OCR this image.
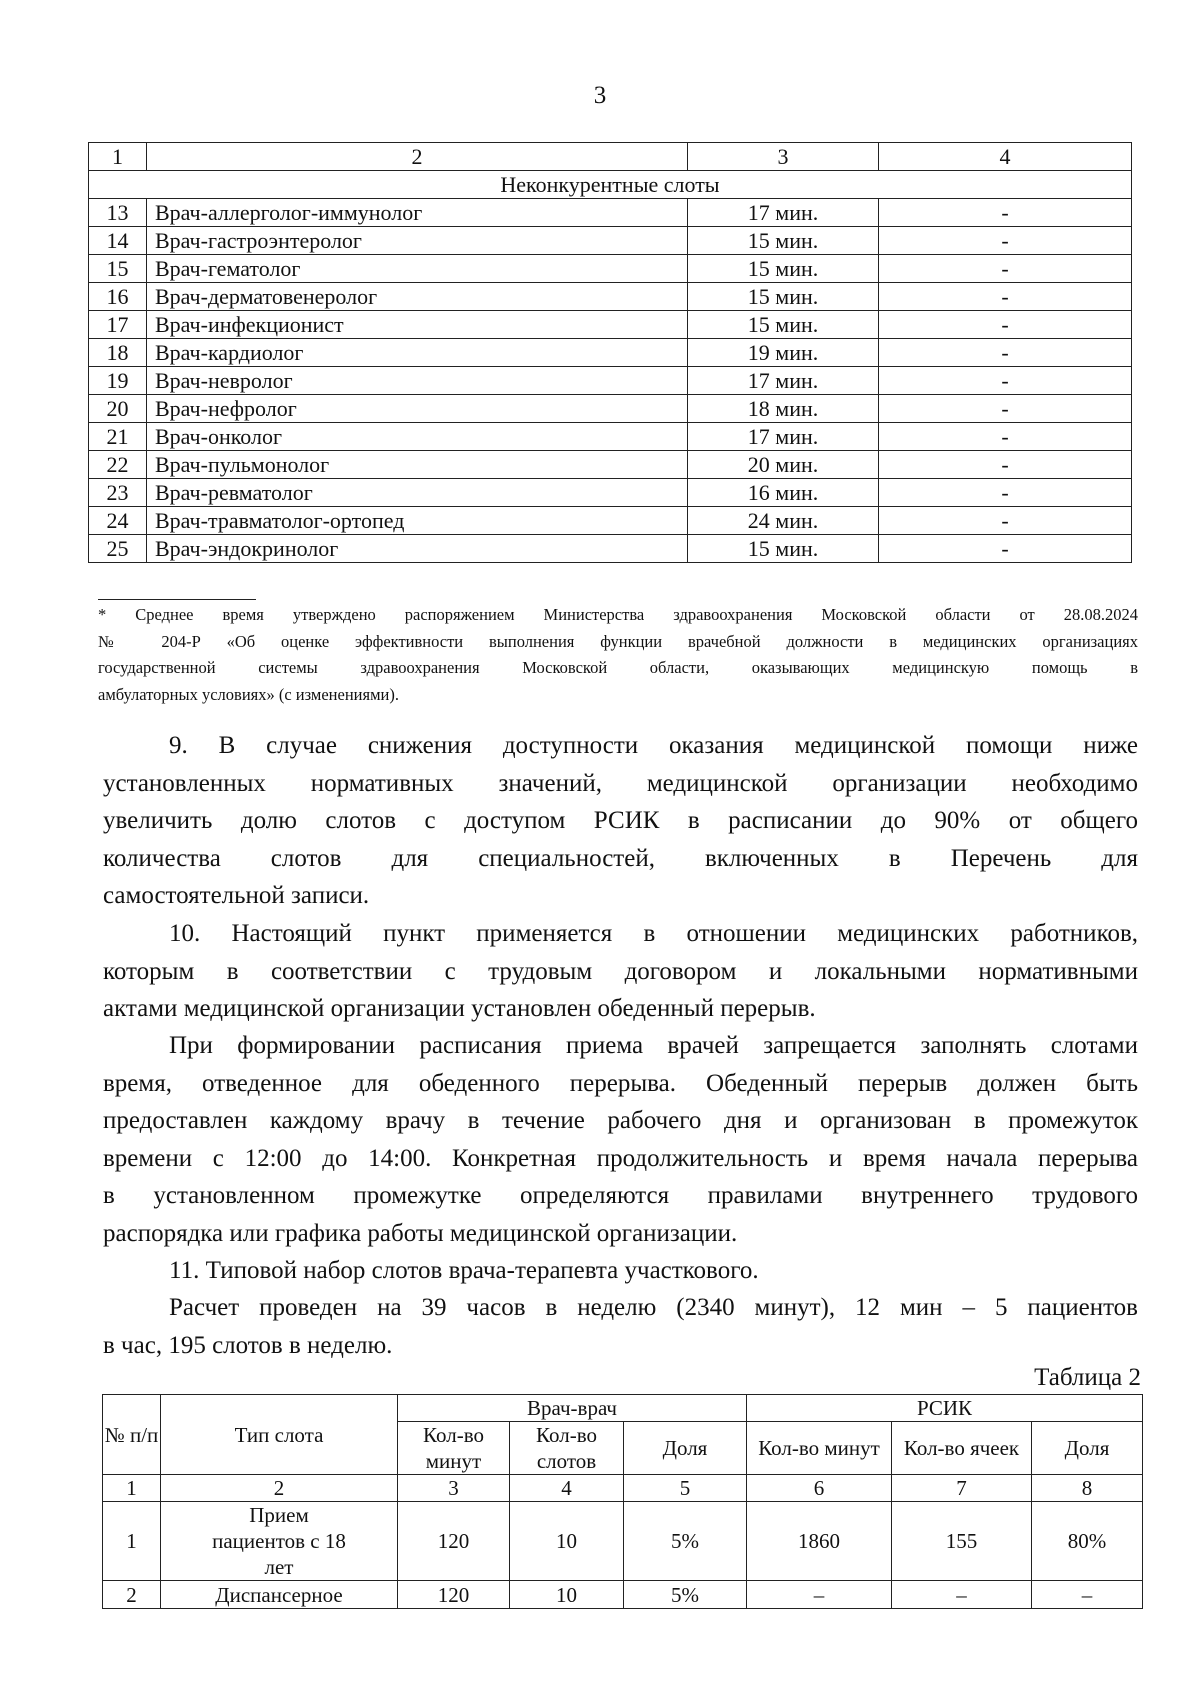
3
1	2	3	4
Неконкурентные слоты			
13	Врач-аллерголог-иммунолог	17 мин.	-
14	Врач-гастроэнтеролог	15 мин.	-
15	Врач-гематолог	15 мин.	-
16	Врач-дерматовенеролог	15 мин.	-
17	Врач-инфекционист	15 мин.	-
18	Врач-кардиолог	19 мин.	-
19	Врач-невролог	17 мин.	-
20	Врач-нефролог	18 мин.	-
21	Врач-онколог	17 мин.	-
22	Врач-пульмонолог	20 мин.	-
23	Врач-ревматолог	16 мин.	-
24	Врач-травматолог-ортопед	24 мин.	-
25	Врач-эндокринолог	15 мин.	-
* Среднее время утверждено распоряжением Министерства здравоохранения Московской области от 28.08.2024
№ 204-Р «Об оценке эффективности выполнения функции врачебной должности в медицинских организациях
государственной системы здравоохранения Московской области, оказывающих медицинскую помощь в
амбулаторных условиях» (с изменениями).
9. В случае снижения доступности оказания медицинской помощи ниже
установленных нормативных значений, медицинской организации необходимо
увеличить долю слотов с доступом РСИК в расписании до 90% от общего
количества слотов для специальностей, включенных в Перечень для
самостоятельной записи.
10. Настоящий пункт применяется в отношении медицинских работников,
которым в соответствии с трудовым договором и локальными нормативными
актами медицинской организации установлен обеденный перерыв.
При формировании расписания приема врачей запрещается заполнять слотами
время, отведенное для обеденного перерыва. Обеденный перерыв должен быть
предоставлен каждому врачу в течение рабочего дня и организован в промежуток
времени с 12:00 до 14:00. Конкретная продолжительность и время начала перерыва
в установленном промежутке определяются правилами внутреннего трудового
распорядка или графика работы медицинской организации.
11. Типовой набор слотов врача-терапевта участкового.
Расчет проведен на 39 часов в неделю (2340 минут), 12 мин – 5 пациентов
в час, 195 слотов в неделю.
Таблица 2
№ п/п	Тип слота	Врач-врач			РСИК		
		Кол-во минут	Кол-во слотов	Доля	Кол-во минут	Кол-во ячеек	Доля
1	2	3	4	5	6	7	8
1	Прием пациентов с 18 лет	120	10	5%	1860	155	80%
2	Диспансерное	120	10	5%	–	–	–
